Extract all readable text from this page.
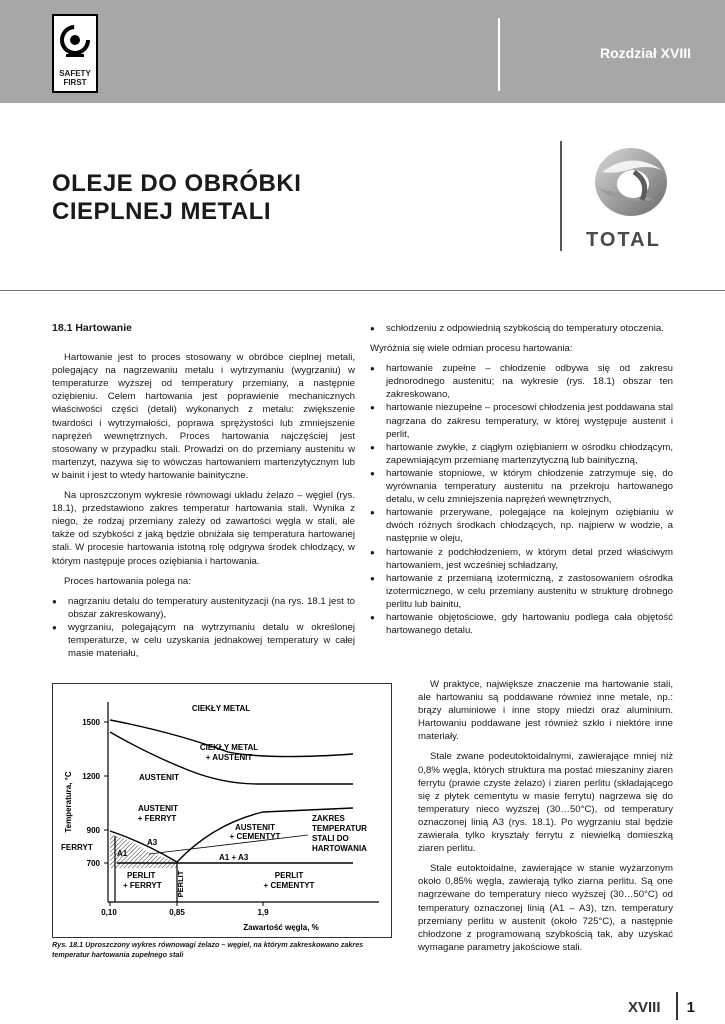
SAFETY
FIRST
Rozdział XVIII
OLEJE DO OBRÓBKI
CIEPLNEJ METALI
TOTAL
18.1 Hartowanie

Hartowanie jest to proces stosowany w obróbce cieplnej metali, polegający na nagrzewaniu metalu i wytrzymaniu (wygrzaniu) w temperaturze wyższej od temperatury przemiany, a następnie oziębieniu. Celem hartowania jest poprawienie mechanicznych właściwości części (detali) wykonanych z metalu: zwiększenie twardości i wytrzymałości, poprawa sprężystości lub zmniejszenie naprężeń wewnętrznych. Proces hartowania najczęściej jest stosowany w przypadku stali. Prowadzi on do przemiany austenitu w martenzyt, nazywa się to wówczas hartowaniem martenzytycznym lub w bainit i jest to wtedy hartowanie bainityczne.

Na uproszczonym wykresie równowagi układu żelazo – węgiel (rys. 18.1), przedstawiono zakres temperatur hartowania stali. Wynika z niego, że rodzaj przemiany zależy od zawartości węgla w stali, ale także od szybkości z jaką będzie obniżała się temperatura hartowanej stali. W procesie hartowania istotną rolę odgrywa środek chłodzący, w którym następuje proces oziębiania i hartowania.

Proces hartowania polega na:

● nagrzaniu detalu do temperatury austenityzacji (na rys. 18.1 jest to obszar zakreskowany),
● wygrzaniu, polegającym na wytrzymaniu detalu w określonej temperaturze, w celu uzyskania jednakowej temperatury w całej masie materiału,
● schłodzeniu z odpowiednią szybkością do temperatury otoczenia.

Wyróżnia się wiele odmian procesu hartowania:

● hartowanie zupełne – chłodzenie odbywa się od zakresu jednorodnego austenitu; na wykresie (rys. 18.1) obszar ten zakreskowano,
● hartowanie niezupełne – procesowi chłodzenia jest poddawana stal nagrzana do zakresu temperatury, w której występuje austenit i perlit,
● hartowanie zwykłe, z ciągłym oziębianiem w ośrodku chłodzącym, zapewniającym przemianę martenzytyczną lub bainityczną,
● hartowanie stopniowe, w którym chłodzenie zatrzymuje się, do wyrównania temperatury austenitu na przekroju hartowanego detalu, w celu zmniejszenia naprężeń wewnętrznych,
● hartowanie przerywane, polegające na kolejnym oziębianiu w dwóch różnych środkach chłodzących, np. najpierw w wodzie, a następnie w oleju,
● hartowanie z podchłodzeniem, w którym detal przed właściwym hartowaniem, jest wcześniej schładzany,
● hartowanie z przemianą izotermiczną, z zastosowaniem ośrodka izotermicznego, w celu przemiany austenitu w strukturę drobnego perlitu lub bainitu,
● hartowanie objętościowe, gdy hartowaniu podlega cała objętość hartowanego detalu.
1500
1200
900
700
0,10	0,85	1,9
Temperatura, °C
Zawartość węgla, %
CIEKŁY METAL
CIEKŁY METAL
+ AUSTENIT
AUSTENIT
AUSTENIT
+ FERRYT
AUSTENIT
+ CEMENTYT
A3
A1	A1 + A3
FERRYT
PERLIT
+ FERRYT PERLIT	PERLIT
+ CEMENTYT
ZAKRES
TEMPERATUR
STALI DO
HARTOWANIA
Rys. 18.1 Uproszczony wykres równowagi żelazo – węgiel, na którym zakreskowano zakres temperatur hartowania zupełnego stali

W praktyce, największe znaczenie ma hartowanie stali, ale hartowaniu są poddawane również inne metale, np.: brązy aluminiowe i inne stopy miedzi oraz aluminium. Hartowaniu poddawane jest również szkło i niektóre inne materiały.

Stale zwane podeutoktoidalnymi, zawierające mniej niż 0,8% węgla, których struktura ma postać mieszaniny ziaren ferrytu (prawie czyste żelazo) i ziaren perlitu (składającego się z płytek cementytu w masie ferrytu) nagrzewa się do temperatury nieco wyższej (30…50°C), od temperatury oznaczonej linią A3 (rys. 18.1). Po wygrzaniu stal będzie zawierała tylko kryształy ferrytu z niewielką domieszką ziaren perlitu.

Stale eutoktoidalne, zawierające w stanie wyżarzonym około 0,85% węgla, zawierają tylko ziarna perlitu. Są one nagrzewane do temperatury nieco wyższej (30…50°C) od temperatury oznaczonej linią (A1 – A3), tzn. temperatury przemiany perlitu w austenit (około 725°C), a następnie chłodzone z programowaną szybkością tak, aby uzyskać wymagane parametry jakościowe stali.

XVIII 1
